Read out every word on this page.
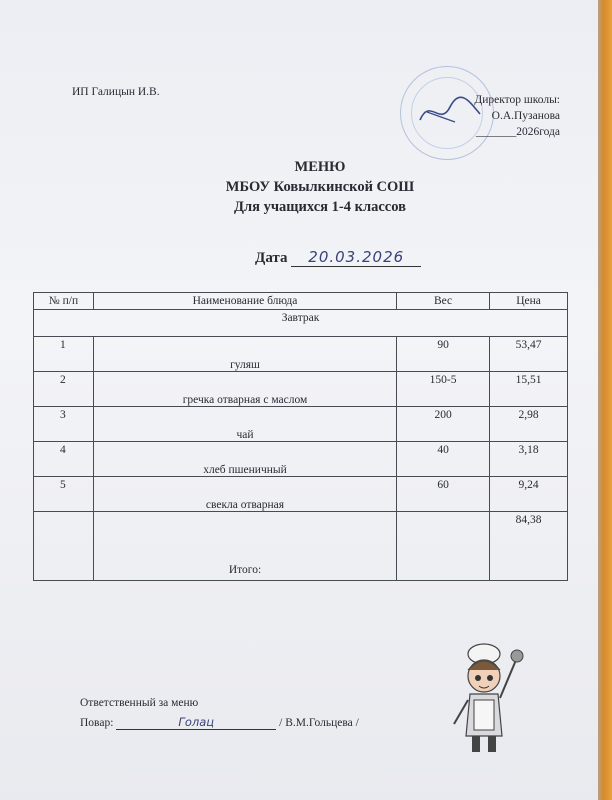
ИП Галицын И.В.
Директор школы:
О.А.Пузанова
_______2026года
МЕНЮ
МБОУ Ковылкинской СОШ
Для учащихся 1-4 классов
Дата 20.03.2026
№ п/п	Наименование блюда	Вес	Цена
Завтрак			
1	гуляш	90	53,47
2	гречка отварная с маслом	150-5	15,51
3	чай	200	2,98
4	хлеб пшеничный	40	3,18
5	свекла отварная	60	9,24
	Итого:		84,38
Ответственный за меню
Повар:	Голац	/ В.М.Гольцева /
